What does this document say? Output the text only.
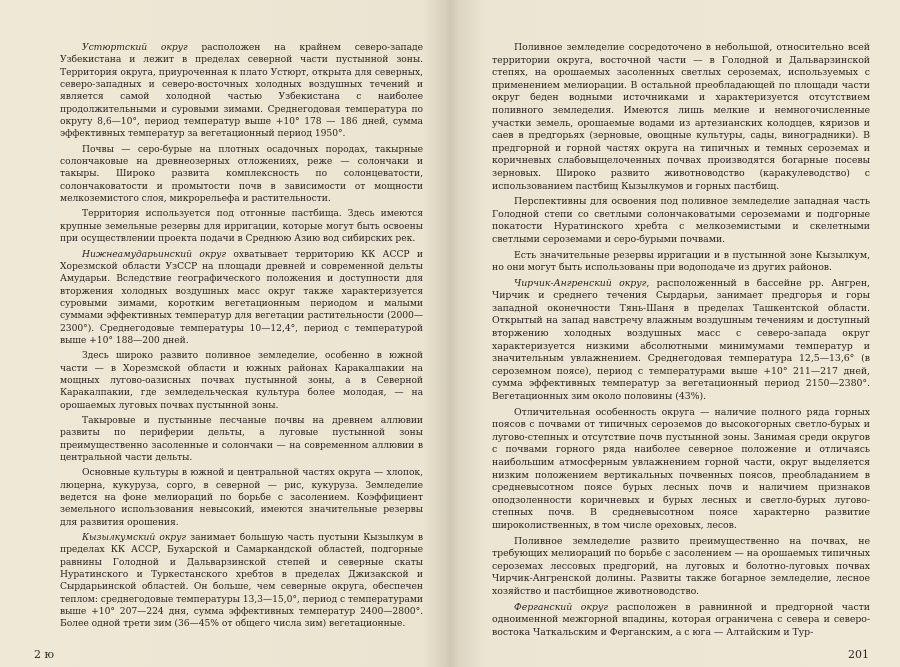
Устюртский округ расположен на крайнем северо-западе Узбекистана и лежит в пределах северной части пустынной зоны. Территория округа, приуроченная к плато Устюрт, открыта для северных, северо-западных и северо-восточных холодных воздушных течений и является самой холодной частью Узбекистана с наиболее продолжительными и суровыми зимами. Среднегодовая температура по округу 8,6—10°, период температур выше +10° 178 — 186 дней, сумма эффективных температур за вегетационный период 1950°.

Почвы — серо-бурые на плотных осадочных породах, такырные солончаковые на древнеозерных отложениях, реже — солончаки и такыры. Широко развита комплексность по солонцеватости, солончаковатости и промытости почв в зависимости от мощности мелкоземистого слоя, микрорельефа и растительности.

Территория используется под отгонные пастбища. Здесь имеются крупные земельные резервы для ирригации, которые могут быть освоены при осуществлении проекта подачи в Среднюю Азию вод сибирских рек.

Нижнеамударьинский округ охватывает территорию КК АССР и Хорезмской области УзССР на площади древней и современной дельты Амударьи. Вследствие географического положения и доступности для вторжения холодных воздушных масс округ также характеризуется суровыми зимами, коротким вегетационным периодом и малыми суммами эффективных температур для вегетации растительности (2000—2300°). Среднегодовые температуры 10—12,4°, период с температурой выше +10° 188—200 дней.

Здесь широко развито поливное земледелие, особенно в южной части — в Хорезмской области и южных районах Каракалпакии на мощных лугово-оазисных почвах пустынной зоны, а в Северной Каракалпакии, где земледельческая культура более молодая, — на орошаемых луговых почвах пустынной зоны.

Такыровые и пустынные песчаные почвы на древнем аллювии развиты по периферии дельты, а луговые пустынной зоны преимущественно засоленные и солончаки — на современном аллювии в центральной части дельты.

Основные культуры в южной и центральной частях округа — хлопок, люцерна, кукуруза, сорго, в северной — рис, кукуруза. Земледелие ведется на фоне мелиораций по борьбе с засолением. Коэффициент земельного использования невысокий, имеются значительные резервы для развития орошения.

Кызылкумский округ занимает большую часть пустыни Кызылкум в пределах КК АССР, Бухарской и Самаркандской областей, подгорные равнины Голодной и Дальварзинской степей и северные скаты Нуратинского и Туркестанского хребтов в пределах Джизакской и Сырдарьинской областей. Он больше, чем северные округа, обеспечен теплом: среднегодовые температуры 13,3—15,0°, период с температурами выше +10° 207—224 дня, сумма эффективных температур 2400—2800°. Более одной трети зим (36—45% от общего числа зим) вегетационные.

2 ю

Поливное земледелие сосредоточено в небольшой, относительно всей территории округа, восточной части — в Голодной и Дальварзинской степях, на орошаемых засоленных светлых сероземах, используемых с применением мелиорации. В остальной преобладающей по площади части округ беден водными источниками и характеризуется отсутствием поливного земледелия. Имеются лишь мелкие и немногочисленные участки земель, орошаемые водами из артезианских колодцев, кяризов и саев в предгорьях (зерновые, овощные культуры, сады, виноградники). В предгорной и горной частях округа на типичных и темных сероземах и коричневых слабовыщелоченных почвах производятся богарные посевы зерновых. Широко развито животноводство (каракулеводство) с использованием пастбищ Кызылкумов и горных пастбищ.

Перспективны для освоения под поливное земледелие западная часть Голодной степи со светлыми солончаковатыми сероземами и подгорные покатости Нуратинского хребта с мелкоземистыми и скелетными светлыми сероземами и серо-бурыми почвами.

Есть значительные резервы ирригации и в пустынной зоне Кызылкум, но они могут быть использованы при водоподаче из других районов.

Чирчик-Ангренский округ, расположенный в бассейне рр. Ангрен, Чирчик и среднего течения Сырдарьи, занимает предгорья и горы западной оконечности Тянь-Шаня в пределах Ташкентской области. Открытый на запад навстречу влажным воздушным течениям и доступный вторжению холодных воздушных масс с северо-запада округ характеризуется низкими абсолютными минимумами температур и значительным увлажнением. Среднегодовая температура 12,5—13,6° (в сероземном поясе), период с температурами выше +10° 211—217 дней, сумма эффективных температур за вегетационный период 2150—2380°. Вегетационных зим около половины (43%).

Отличительная особенность округа — наличие полного ряда горных поясов с почвами от типичных сероземов до высокогорных светло-бурых и лугово-степных и отсутствие почв пустынной зоны. Занимая среди округов с почвами горного ряда наиболее северное положение и отличаясь наибольшим атмосферным увлажнением горной части, округ выделяется низким положением вертикальных почвенных поясов, преобладанием в средневысотном поясе бурых лесных почв и наличием признаков оподзоленности коричневых и бурых лесных и светло-бурых лугово-степных почв. В средневысотном поясе характерно развитие широколиственных, в том числе ореховых, лесов.

Поливное земледелие развито преимущественно на почвах, не требующих мелиораций по борьбе с засолением — на орошаемых типичных сероземах лессовых предгорий, на луговых и болотно-луговых почвах Чирчик-Ангренской долины. Развиты также богарное земледелие, лесное хозяйство и пастбищное животноводство.

Ферганский округ расположен в равнинной и предгорной части одноименной межгорной впадины, которая ограничена с севера и северо-востока Чаткальским и Ферганским, а с юга — Алтайским и Тур-

201
